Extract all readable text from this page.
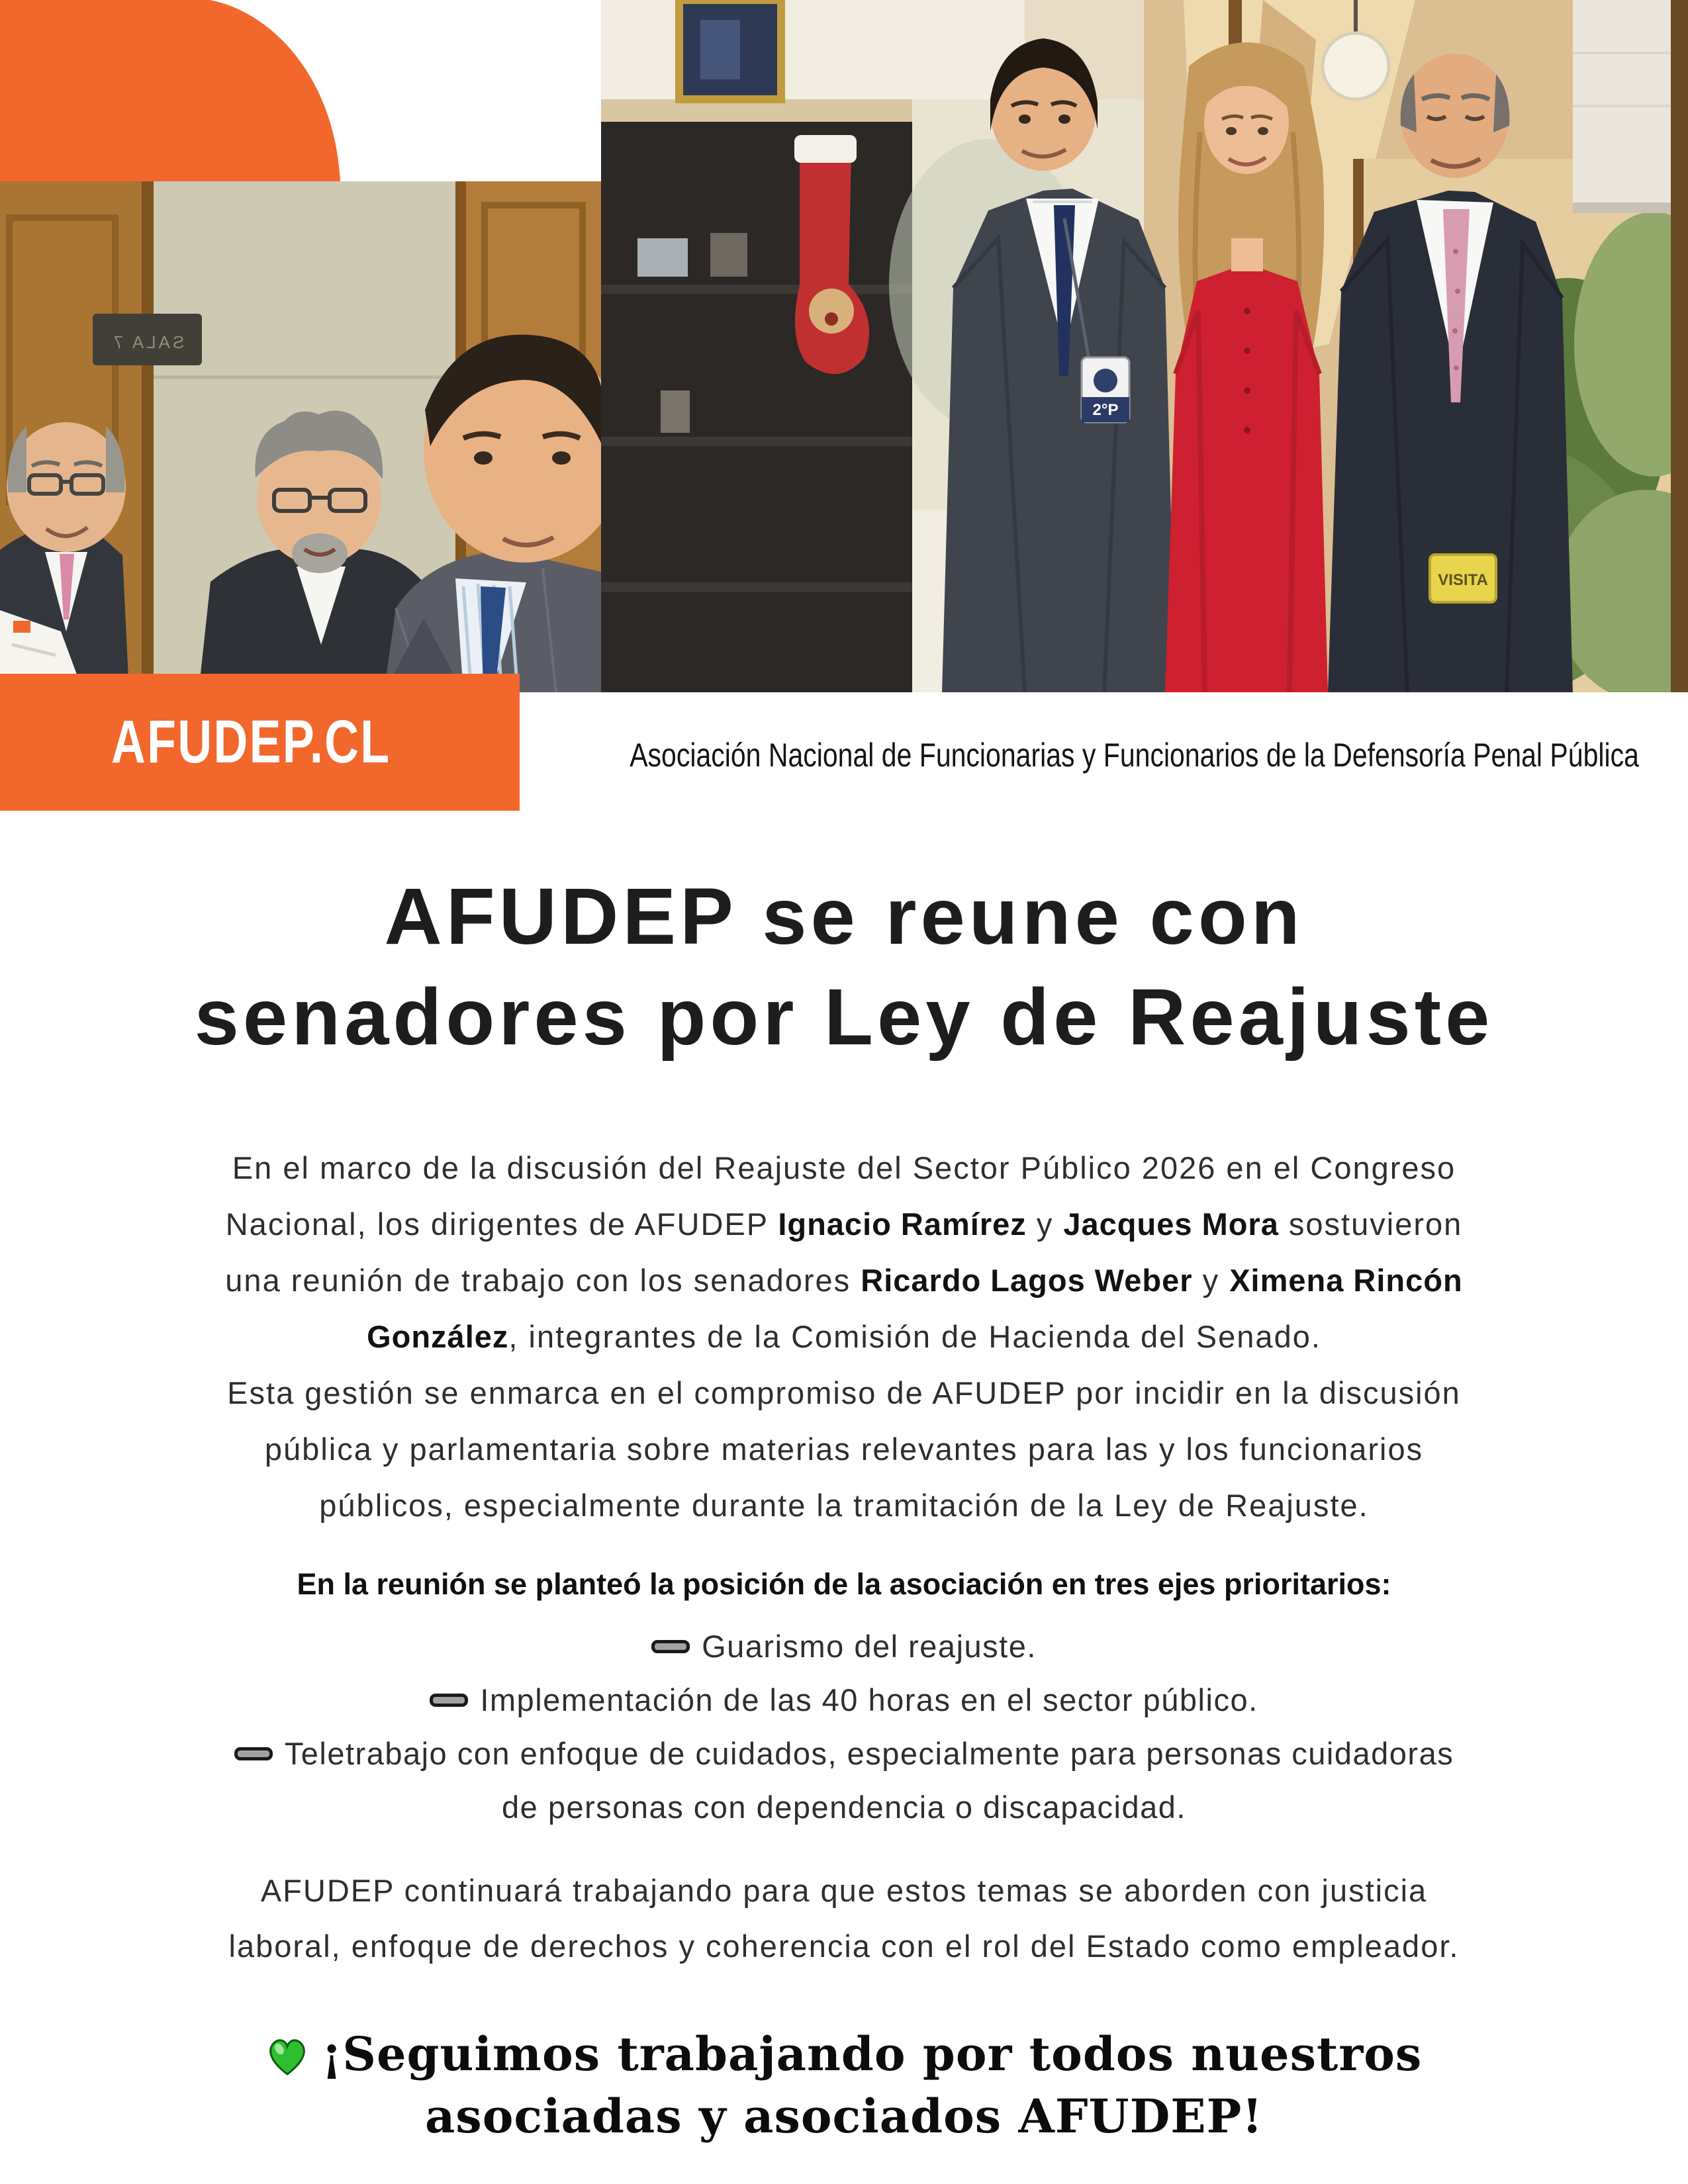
SALA 7
2°P
VISITA
AFUDEP.CL	Asociación Nacional de Funcionarias y Funcionarios de la Defensoría Penal Pública
AFUDEP se reune con
senadores por Ley de Reajuste
En el marco de la discusión del Reajuste del Sector Público 2026 en el Congreso
Nacional, los dirigentes de AFUDEP Ignacio Ramírez y Jacques Mora sostuvieron
una reunión de trabajo con los senadores Ricardo Lagos Weber y Ximena Rincón
González, integrantes de la Comisión de Hacienda del Senado.
Esta gestión se enmarca en el compromiso de AFUDEP por incidir en la discusión
pública y parlamentaria sobre materias relevantes para las y los funcionarios
públicos, especialmente durante la tramitación de la Ley de Reajuste.
En la reunión se planteó la posición de la asociación en tres ejes prioritarios:
Guarismo del reajuste.
Implementación de las 40 horas en el sector público.
Teletrabajo con enfoque de cuidados, especialmente para personas cuidadoras
de personas con dependencia o discapacidad.
AFUDEP continuará trabajando para que estos temas se aborden con justicia
laboral, enfoque de derechos y coherencia con el rol del Estado como empleador.
¡Seguimos trabajando por todos nuestros
asociadas y asociados AFUDEP!
